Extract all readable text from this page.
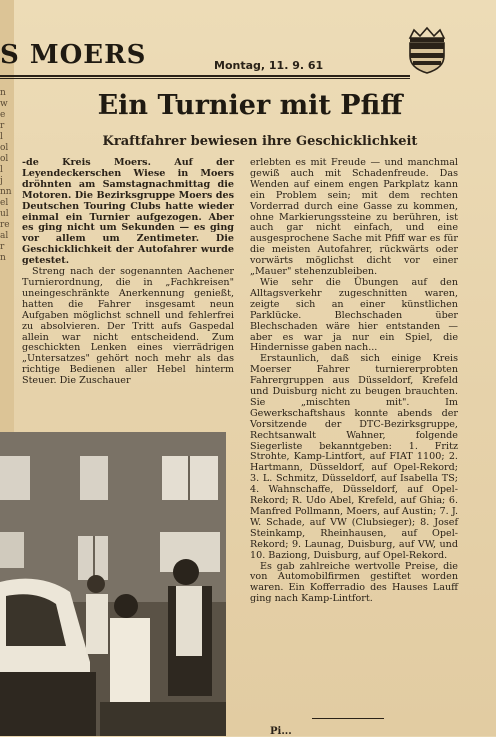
n
w
e
r
l
ol
ol
l
j
nn
el
ul
re
al
r
n
S MOERS	Montag, 11. 9. 61
Ein Turnier mit Pfiff
Kraftfahrer bewiesen ihre Geschicklichkeit

-de Kreis Moers. Auf der Leyendeckerschen Wiese in Moers dröhnten am Samstagnachmittag die Motoren. Die Bezirksgruppe Moers des Deutschen Touring Clubs hatte wieder einmal ein Turnier aufgezogen. Aber es ging nicht um Sekunden — es ging vor allem um Zentimeter. Die Geschicklichkeit der Autofahrer wurde getestet.

Streng nach der sogenannten Aachener Turnierordnung, die in „Fachkreisen" uneingeschränkte Anerkennung genießt, hatten die Fahrer insgesamt neun Aufgaben möglichst schnell und fehlerfrei zu absolvieren. Der Tritt aufs Gaspedal allein war nicht entscheidend. Zum geschickten Lenken eines vierrädrigen „Untersatzes" gehört noch mehr als das richtige Bedienen aller Hebel hinterm Steuer. Die Zuschauer

erlebten es mit Freude — und manchmal gewiß auch mit Schadenfreude. Das Wenden auf einem engen Parkplatz kann ein Problem sein; mit dem rechten Vorderrad durch eine Gasse zu kommen, ohne Markierungssteine zu berühren, ist auch gar nicht einfach, und eine ausgesprochene Sache mit Pfiff war es für die meisten Autofahrer, rückwärts oder vorwärts möglichst dicht vor einer „Mauer" stehenzubleiben.

Wie sehr die Übungen auf den Alltagsverkehr zugeschnitten waren, zeigte sich an einer künstlichen Parklücke. Blechschaden über Blechschaden wäre hier entstanden — aber es war ja nur ein Spiel, die Hindernisse gaben nach...

Erstaunlich, daß sich einige Kreis Moerser Fahrer turniererprobten Fahrergruppen aus Düsseldorf, Krefeld und Duisburg nicht zu beugen brauchten. Sie „mischten mit". Im Gewerkschaftshaus konnte abends der Vorsitzende der DTC-Bezirksgruppe, Rechtsanwalt Wahner, folgende Siegerliste bekanntgeben: 1. Fritz Strohte, Kamp-Lintfort, auf FIAT 1100; 2. Hartmann, Düsseldorf, auf Opel-Rekord; 3. L. Schmitz, Düsseldorf, auf Isabella TS; 4. Wahnschaffe, Düsseldorf, auf Opel-Rekord; R. Udo Abel, Krefeld, auf Ghia; 6. Manfred Pollmann, Moers, auf Austin; 7. J. W. Schade, auf VW (Clubsieger); 8. Josef Steinkamp, Rheinhausen, auf Opel-Rekord; 9. Launag, Duisburg, auf VW, und 10. Baziong, Duisburg, auf Opel-Rekord.

Es gab zahlreiche wertvolle Preise, die von Automobilfirmen gestiftet worden waren. Ein Kofferradio des Hauses Lauff ging nach Kamp-Lintfort.

Pi...
